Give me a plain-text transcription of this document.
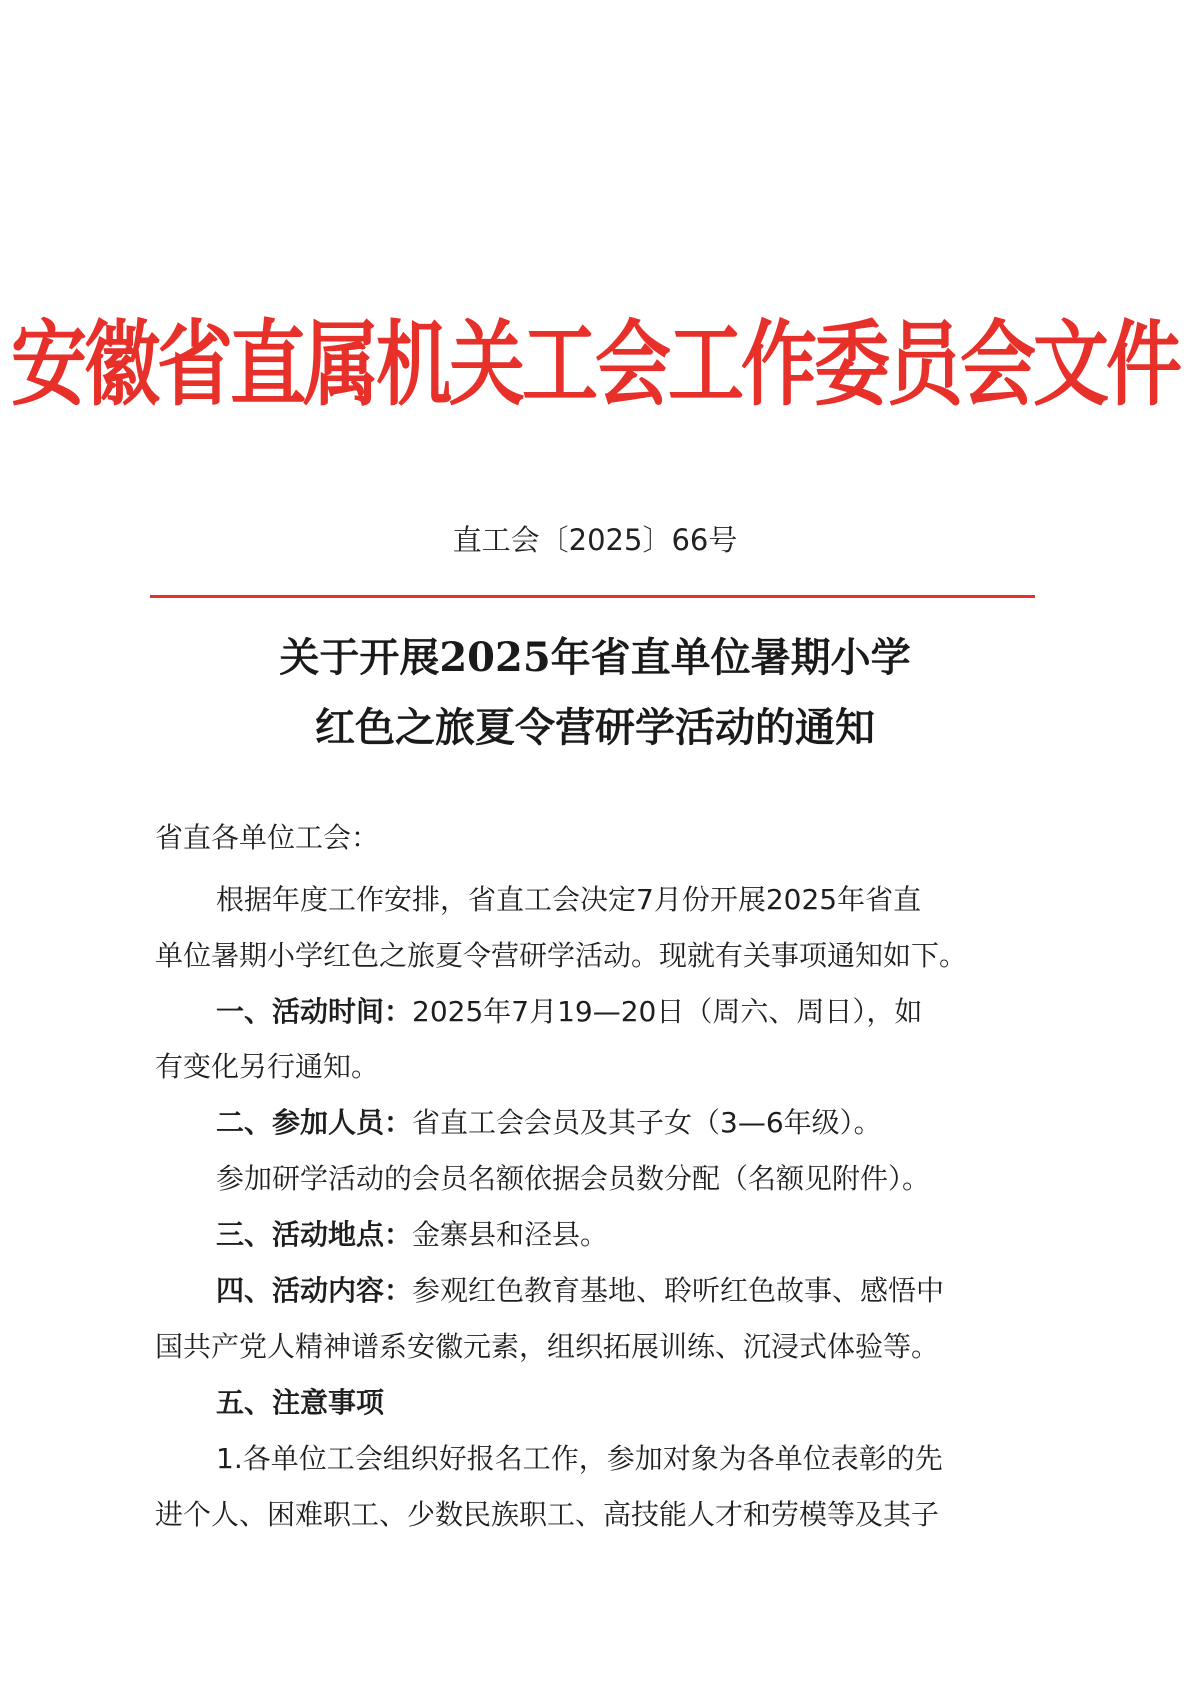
安徽省直属机关工会工作委员会文件
直工会〔2025〕66号
关于开展2025年省直单位暑期小学
红色之旅夏令营研学活动的通知
省直各单位工会：
根据年度工作安排，省直工会决定7月份开展2025年省直
单位暑期小学红色之旅夏令营研学活动。现就有关事项通知如下。
一、活动时间：2025年7月19—20日（周六、周日），如
有变化另行通知。
二、参加人员：省直工会会员及其子女（3—6年级）。
参加研学活动的会员名额依据会员数分配（名额见附件）。
三、活动地点：金寨县和泾县。
四、活动内容：参观红色教育基地、聆听红色故事、感悟中
国共产党人精神谱系安徽元素，组织拓展训练、沉浸式体验等。
五、注意事项
1.各单位工会组织好报名工作，参加对象为各单位表彰的先
进个人、困难职工、少数民族职工、高技能人才和劳模等及其子
